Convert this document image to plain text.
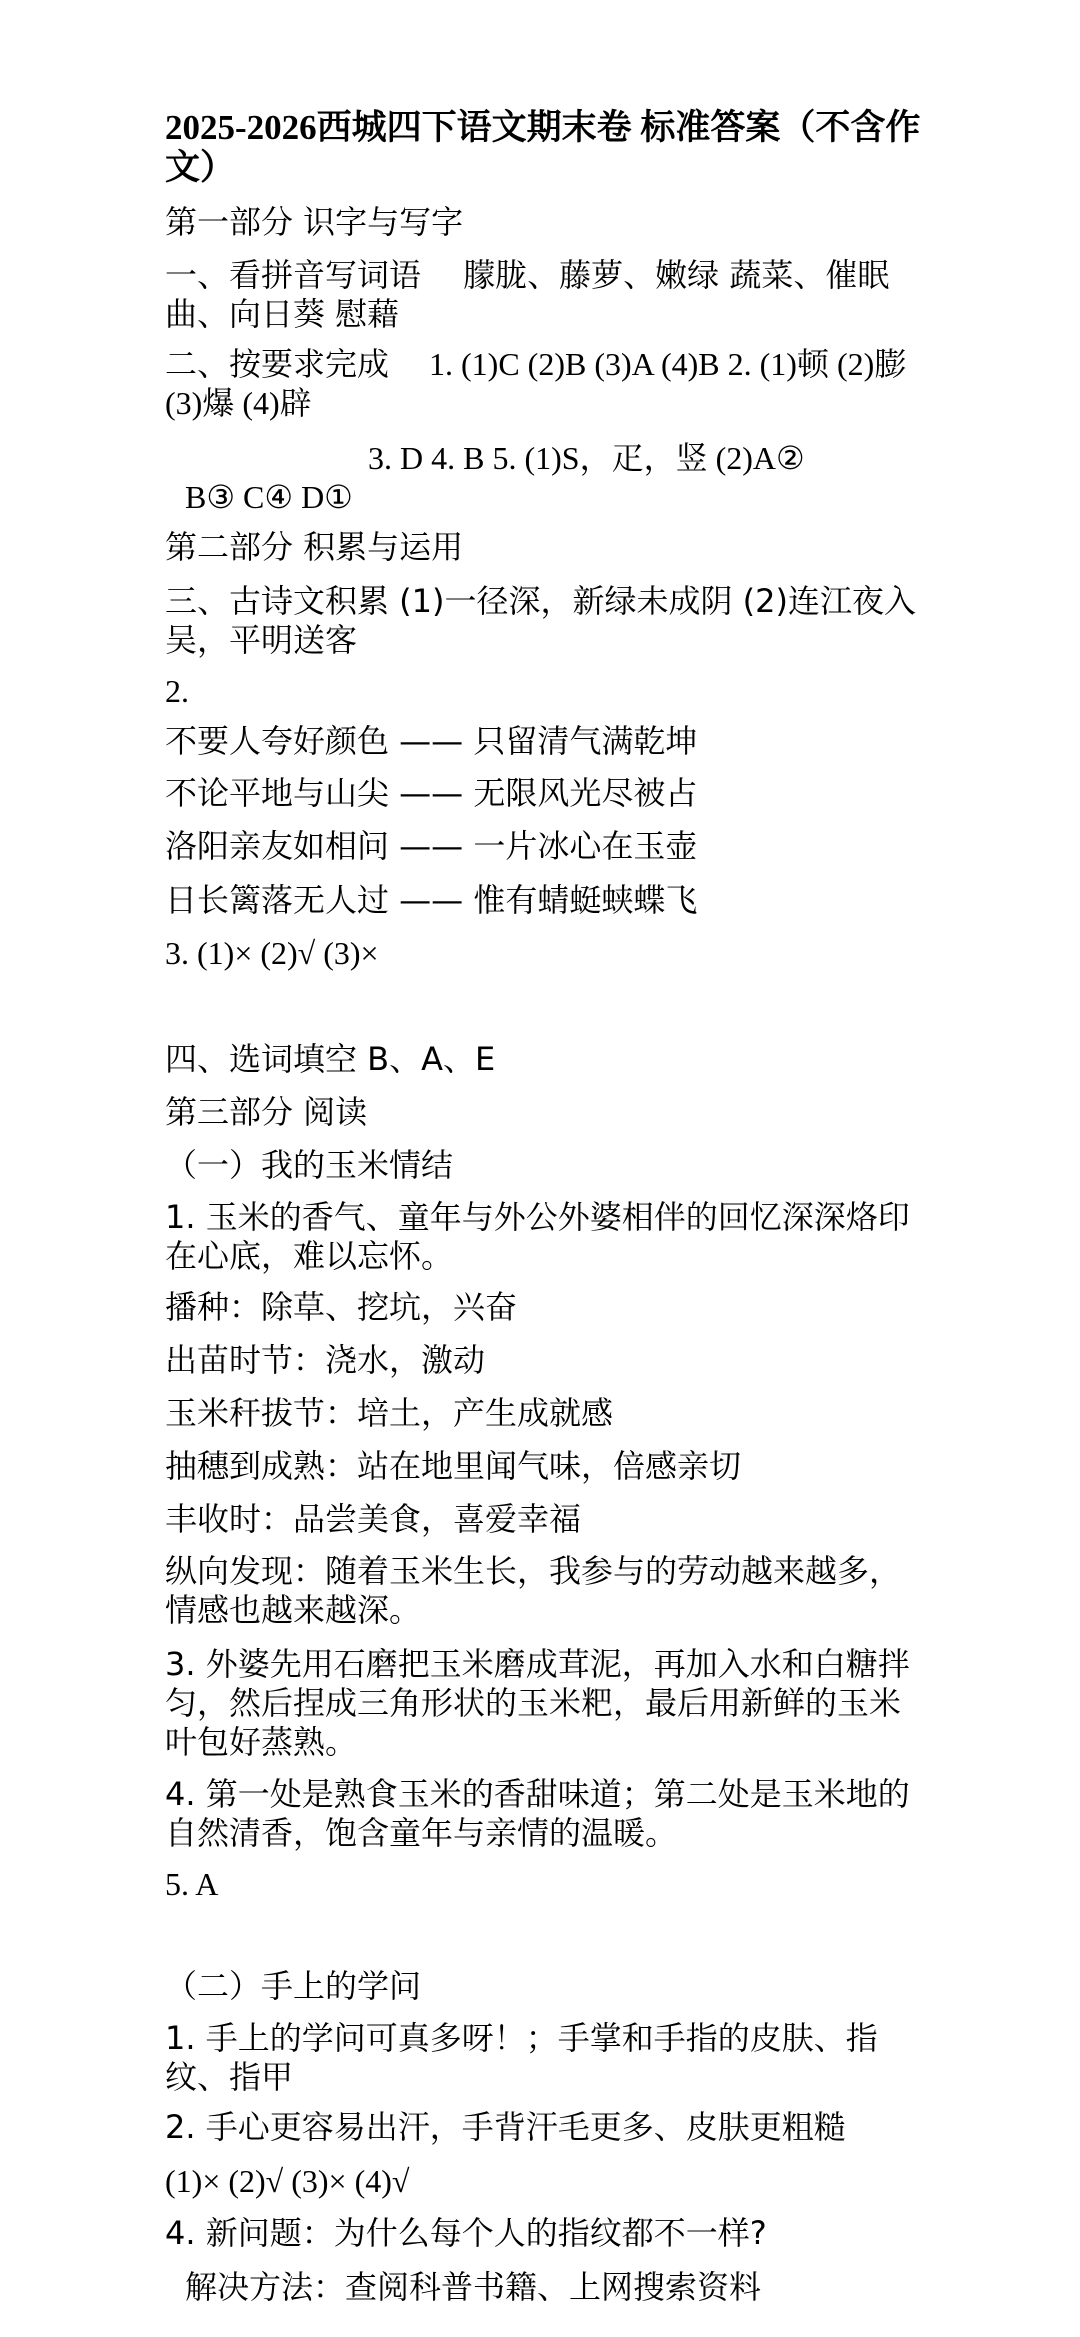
2025-2026西城四下语文期末卷 标准答案（不含作文）
第一部分 识字与写字
一、看拼音写词语　 朦胧、藤萝、嫩绿 蔬菜、催眠曲、向日葵 慰藉
二、按要求完成　 1. (1)C (2)B (3)A (4)B 2. (1)顿 (2)膨 (3)爆 (4)辟
3. D 4. B 5. (1)S，疋，竖 (2)A②
B③ C④ D①
第二部分 积累与运用
三、古诗文积累 (1)一径深，新绿未成阴 (2)连江夜入吴，平明送客
2.
不要人夸好颜色 —— 只留清气满乾坤
不论平地与山尖 —— 无限风光尽被占
洛阳亲友如相问 —— 一片冰心在玉壶
日长篱落无人过 —— 惟有蜻蜓蛱蝶飞
3. (1)× (2)√ (3)×
四、选词填空 B、A、E
第三部分 阅读
（一）我的玉米情结
1. 玉米的香气、童年与外公外婆相伴的回忆深深烙印在心底，难以忘怀。
播种：除草、挖坑，兴奋
出苗时节：浇水，激动
玉米秆拔节：培土，产生成就感
抽穗到成熟：站在地里闻气味，倍感亲切
丰收时：品尝美食，喜爱幸福
纵向发现：随着玉米生长，我参与的劳动越来越多，情感也越来越深。
3. 外婆先用石磨把玉米磨成茸泥，再加入水和白糖拌匀，然后捏成三角形状的玉米粑，最后用新鲜的玉米叶包好蒸熟。
4. 第一处是熟食玉米的香甜味道；第二处是玉米地的自然清香，饱含童年与亲情的温暖。
5. A
（二）手上的学问
1. 手上的学问可真多呀！；手掌和手指的皮肤、指纹、指甲
2. 手心更容易出汗，手背汗毛更多、皮肤更粗糙
(1)× (2)√ (3)× (4)√
4. 新问题：为什么每个人的指纹都不一样?
解决方法：查阅科普书籍、上网搜索资料
